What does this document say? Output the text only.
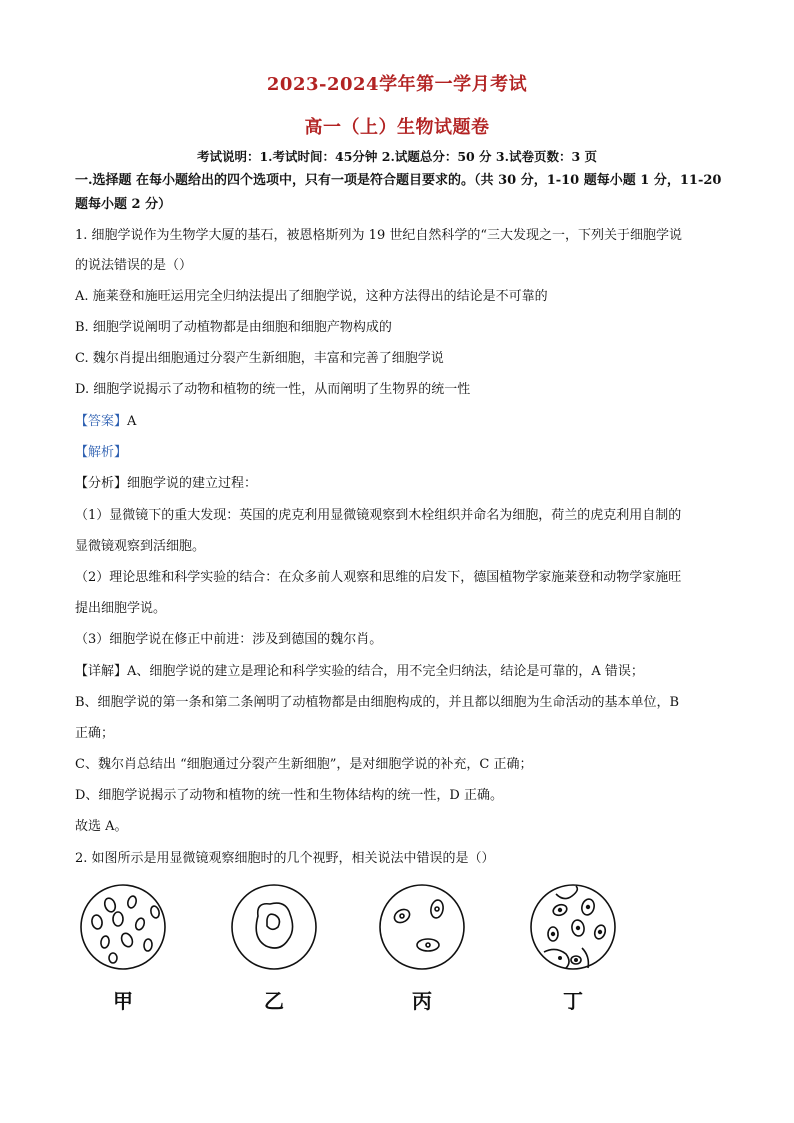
2023-2024学年第一学月考试
高一（上）生物试题卷
考试说明：1.考试时间：45分钟 2.试题总分：50 分 3.试卷页数：3 页
一.选择题 在每小题给出的四个选项中，只有一项是符合题目要求的。（共 30 分，1-10 题每小题 1 分，11-20
题每小题 2 分）
1. 细胞学说作为生物学大厦的基石，被恩格斯列为 19 世纪自然科学的“三大发现之一，下列关于细胞学说
的说法错误的是（）
A. 施莱登和施旺运用完全归纳法提出了细胞学说，这种方法得出的结论是不可靠的
B. 细胞学说阐明了动植物都是由细胞和细胞产物构成的
C. 魏尔肖提出细胞通过分裂产生新细胞，丰富和完善了细胞学说
D. 细胞学说揭示了动物和植物的统一性，从而阐明了生物界的统一性
【答案】A
【解析】
【分析】细胞学说的建立过程：
（1）显微镜下的重大发现：英国的虎克利用显微镜观察到木栓组织并命名为细胞，荷兰的虎克利用自制的
显微镜观察到活细胞。
（2）理论思维和科学实验的结合：在众多前人观察和思维的启发下，德国植物学家施莱登和动物学家施旺
提出细胞学说。
（3）细胞学说在修正中前进：涉及到德国的魏尔肖。
【详解】A、细胞学说的建立是理论和科学实验的结合，用不完全归纳法，结论是可靠的，A 错误；
B、细胞学说的第一条和第二条阐明了动植物都是由细胞构成的，并且都以细胞为生命活动的基本单位，B
正确；
C、魏尔肖总结出 “细胞通过分裂产生新细胞”，是对细胞学说的补充，C 正确；
D、细胞学说揭示了动物和植物的统一性和生物体结构的统一性，D 正确。
故选 A。
2. 如图所示是用显微镜观察细胞时的几个视野，相关说法中错误的是（）
甲	乙	丙	丁
